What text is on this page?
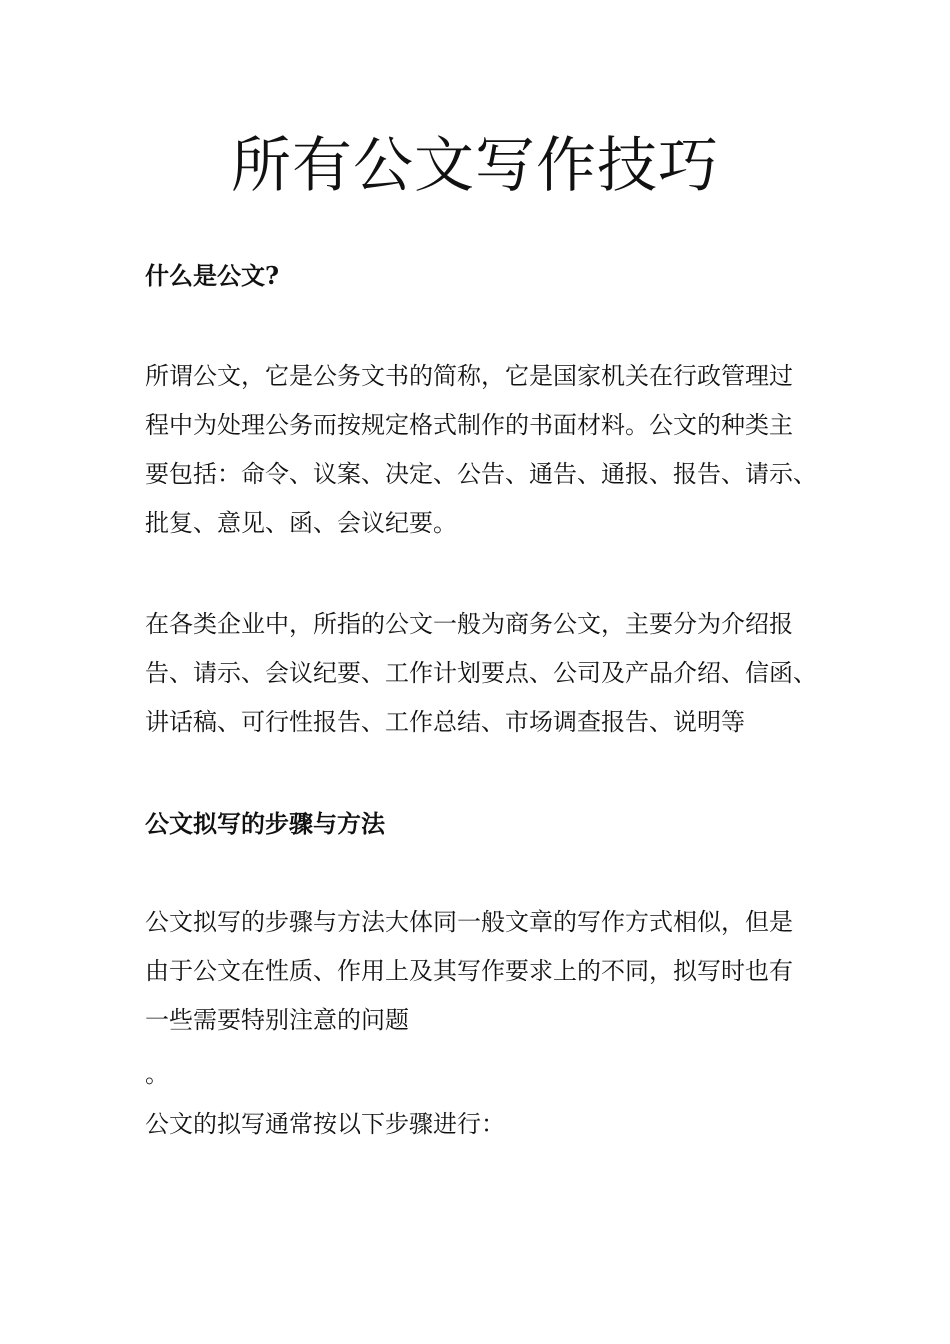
所有公文写作技巧
什么是公文?

所谓公文，它是公务文书的简称，它是国家机关在行政管理过
程中为处理公务而按规定格式制作的书面材料。公文的种类主
要包括：命令、议案、决定、公告、通告、通报、报告、请示、
批复、意见、函、会议纪要。

在各类企业中，所指的公文一般为商务公文，主要分为介绍报
告、请示、会议纪要、工作计划要点、公司及产品介绍、信函、
讲话稿、可行性报告、工作总结、市场调查报告、说明等

公文拟写的步骤与方法

公文拟写的步骤与方法大体同一般文章的写作方式相似，但是
由于公文在性质、作用上及其写作要求上的不同，拟写时也有
一些需要特别注意的问题

。

公文的拟写通常按以下步骤进行：
